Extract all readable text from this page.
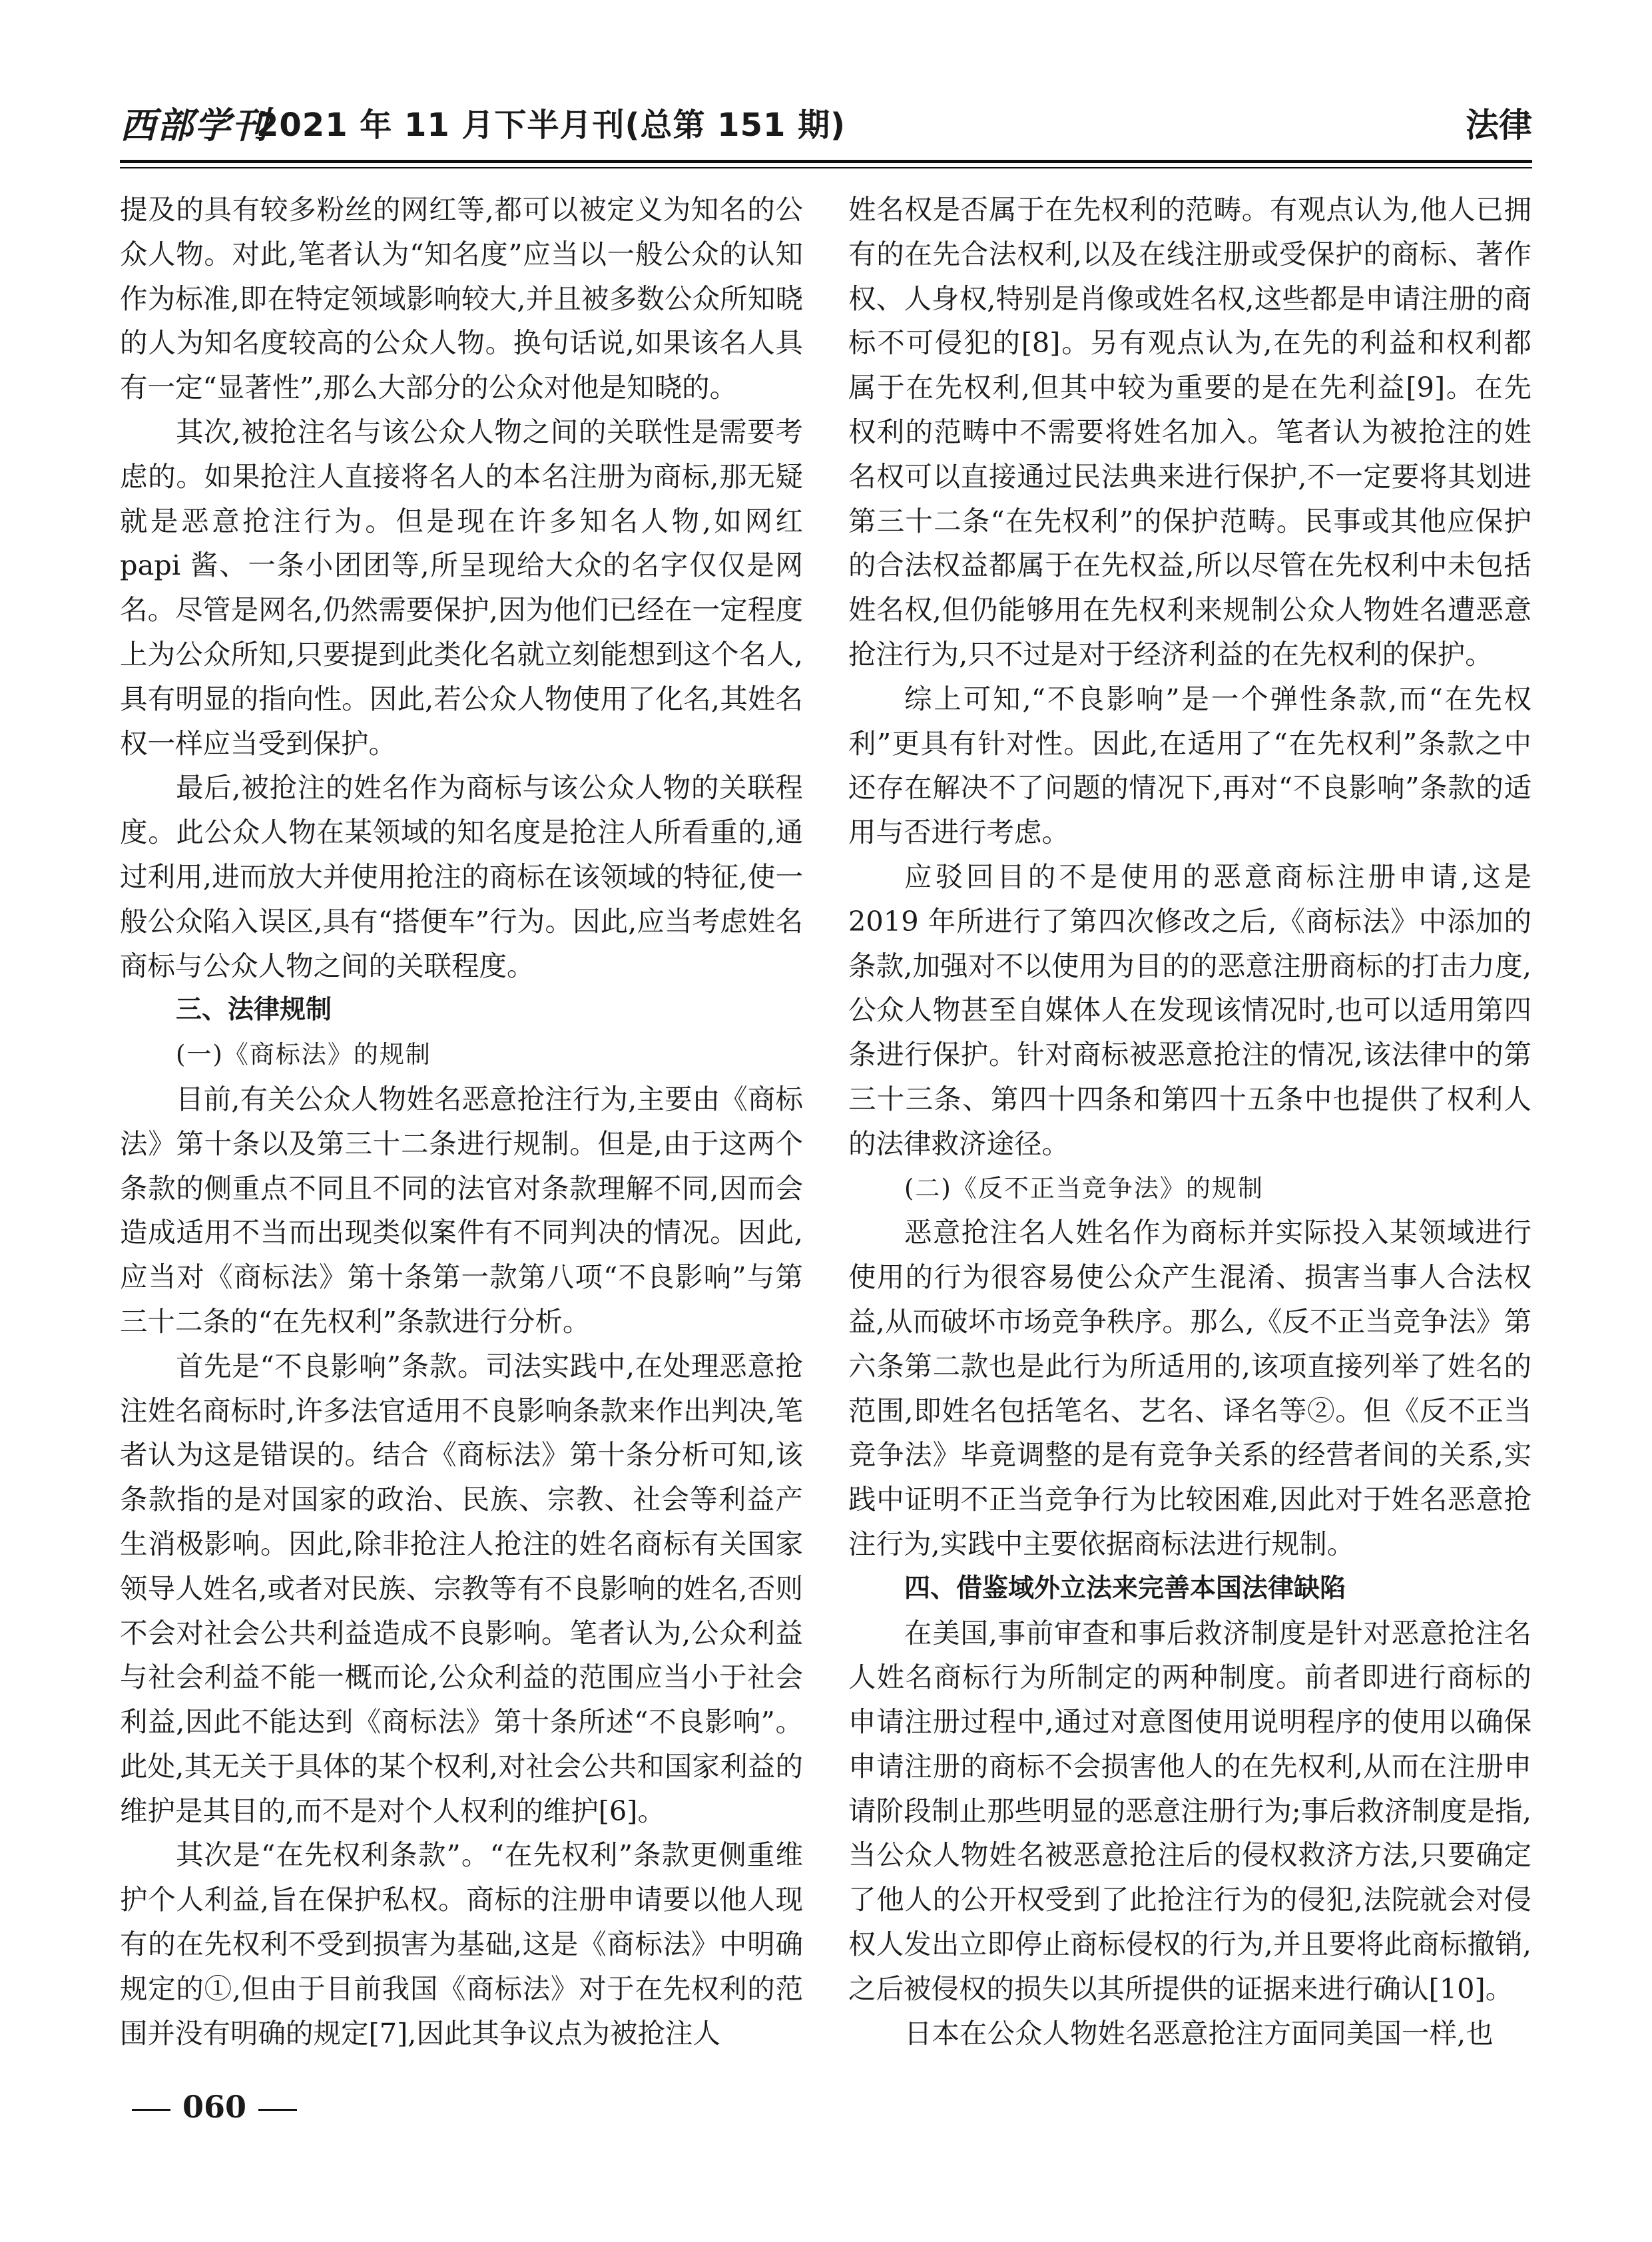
西部学刊
2021 年 11 月下半月刊(总第 151 期)	法律

提及的具有较多粉丝的网红等,都可以被定义为知名的公众人物。对此,笔者认为“知名度”应当以一般公众的认知作为标准,即在特定领域影响较大,并且被多数公众所知晓的人为知名度较高的公众人物。换句话说,如果该名人具有一定“显著性”,那么大部分的公众对他是知晓的。

其次,被抢注名与该公众人物之间的关联性是需要考虑的。如果抢注人直接将名人的本名注册为商标,那无疑就是恶意抢注行为。但是现在许多知名人物,如网红 papi 酱、一条小团团等,所呈现给大众的名字仅仅是网名。尽管是网名,仍然需要保护,因为他们已经在一定程度上为公众所知,只要提到此类化名就立刻能想到这个名人,具有明显的指向性。因此,若公众人物使用了化名,其姓名权一样应当受到保护。

最后,被抢注的姓名作为商标与该公众人物的关联程度。此公众人物在某领域的知名度是抢注人所看重的,通过利用,进而放大并使用抢注的商标在该领域的特征,使一般公众陷入误区,具有“搭便车”行为。因此,应当考虑姓名商标与公众人物之间的关联程度。

三、法律规制

(一)《商标法》的规制

目前,有关公众人物姓名恶意抢注行为,主要由《商标法》第十条以及第三十二条进行规制。但是,由于这两个条款的侧重点不同且不同的法官对条款理解不同,因而会造成适用不当而出现类似案件有不同判决的情况。因此,应当对《商标法》第十条第一款第八项“不良影响”与第三十二条的“在先权利”条款进行分析。

首先是“不良影响”条款。司法实践中,在处理恶意抢注姓名商标时,许多法官适用不良影响条款来作出判决,笔者认为这是错误的。结合《商标法》第十条分析可知,该条款指的是对国家的政治、民族、宗教、社会等利益产生消极影响。因此,除非抢注人抢注的姓名商标有关国家领导人姓名,或者对民族、宗教等有不良影响的姓名,否则不会对社会公共利益造成不良影响。笔者认为,公众利益与社会利益不能一概而论,公众利益的范围应当小于社会利益,因此不能达到《商标法》第十条所述“不良影响”。此处,其无关于具体的某个权利,对社会公共和国家利益的维护是其目的,而不是对个人权利的维护[6]。

其次是“在先权利条款”。“在先权利”条款更侧重维护个人利益,旨在保护私权。商标的注册申请要以他人现有的在先权利不受到损害为基础,这是《商标法》中明确规定的①,但由于目前我国《商标法》对于在先权利的范围并没有明确的规定[7],因此其争议点为被抢注人

姓名权是否属于在先权利的范畴。有观点认为,他人已拥有的在先合法权利,以及在线注册或受保护的商标、著作权、人身权,特别是肖像或姓名权,这些都是申请注册的商标不可侵犯的[8]。另有观点认为,在先的利益和权利都属于在先权利,但其中较为重要的是在先利益[9]。在先权利的范畴中不需要将姓名加入。笔者认为被抢注的姓名权可以直接通过民法典来进行保护,不一定要将其划进第三十二条“在先权利”的保护范畴。民事或其他应保护的合法权益都属于在先权益,所以尽管在先权利中未包括姓名权,但仍能够用在先权利来规制公众人物姓名遭恶意抢注行为,只不过是对于经济利益的在先权利的保护。

综上可知,“不良影响”是一个弹性条款,而“在先权利”更具有针对性。因此,在适用了“在先权利”条款之中还存在解决不了问题的情况下,再对“不良影响”条款的适用与否进行考虑。

应驳回目的不是使用的恶意商标注册申请,这是 2019 年所进行了第四次修改之后,《商标法》中添加的条款,加强对不以使用为目的的恶意注册商标的打击力度,公众人物甚至自媒体人在发现该情况时,也可以适用第四条进行保护。针对商标被恶意抢注的情况,该法律中的第三十三条、第四十四条和第四十五条中也提供了权利人的法律救济途径。

(二)《反不正当竞争法》的规制

恶意抢注名人姓名作为商标并实际投入某领域进行使用的行为很容易使公众产生混淆、损害当事人合法权益,从而破坏市场竞争秩序。那么,《反不正当竞争法》第六条第二款也是此行为所适用的,该项直接列举了姓名的范围,即姓名包括笔名、艺名、译名等②。但《反不正当竞争法》毕竟调整的是有竞争关系的经营者间的关系,实践中证明不正当竞争行为比较困难,因此对于姓名恶意抢注行为,实践中主要依据商标法进行规制。

四、借鉴域外立法来完善本国法律缺陷

在美国,事前审查和事后救济制度是针对恶意抢注名人姓名商标行为所制定的两种制度。前者即进行商标的申请注册过程中,通过对意图使用说明程序的使用以确保申请注册的商标不会损害他人的在先权利,从而在注册申请阶段制止那些明显的恶意注册行为;事后救济制度是指,当公众人物姓名被恶意抢注后的侵权救济方法,只要确定了他人的公开权受到了此抢注行为的侵犯,法院就会对侵权人发出立即停止商标侵权的行为,并且要将此商标撤销,之后被侵权的损失以其所提供的证据来进行确认[10]。

日本在公众人物姓名恶意抢注方面同美国一样,也

060
